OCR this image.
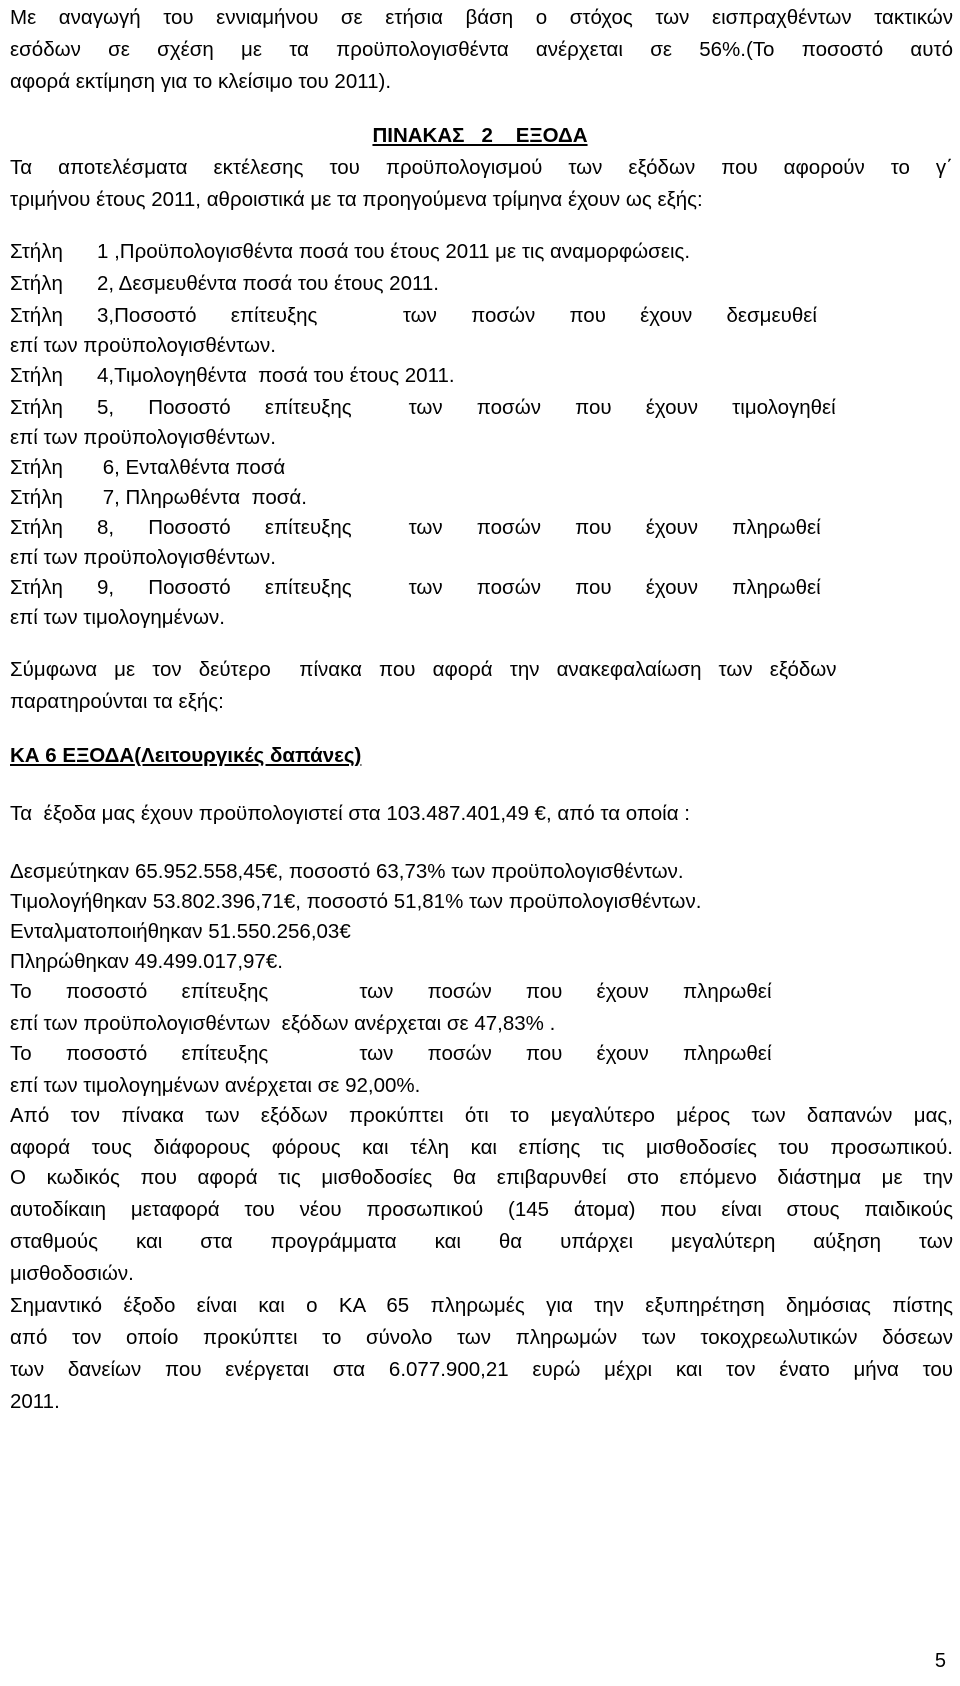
Με αναγωγή του εννιαμήνου σε ετήσια βάση ο στόχος των εισπραχθέντων τακτικών

εσόδων σε σχέση με τα προϋπολογισθέντα ανέρχεται σε 56%.(Το ποσοστό αυτό

αφορά εκτίμηση για το κλείσιμο του 2011).

ΠΙΝΑΚΑΣ   2    ΕΞΟΔΑ

Τα αποτελέσματα εκτέλεσης του προϋπολογισμού των εξόδων που αφορούν το γ΄

τριμήνου έτους 2011, αθροιστικά με τα προηγούμενα τρίμηνα έχουν ως εξής:

Στήλη      1 ,Προϋπολογισθέντα ποσά του έτους 2011 με τις αναμορφώσεις.

Στήλη      2, Δεσμευθέντα ποσά του έτους 2011.

Στήλη      3,Ποσοστό      επίτευξης               των      ποσών      που      έχουν      δεσμευθεί

επί των προϋπολογισθέντων.

Στήλη      4,Τιμολογηθέντα  ποσά του έτους 2011.

Στήλη      5,      Ποσοστό      επίτευξης          των      ποσών      που      έχουν      τιμολογηθεί

επί των προϋπολογισθέντων.

Στήλη       6, Ενταλθέντα ποσά

Στήλη       7, Πληρωθέντα  ποσά.

Στήλη      8,      Ποσοστό      επίτευξης          των      ποσών      που      έχουν      πληρωθεί

επί των προϋπολογισθέντων.

Στήλη      9,      Ποσοστό      επίτευξης          των      ποσών      που      έχουν      πληρωθεί

επί των τιμολογημένων.

Σύμφωνα   με   τον   δεύτερο     πίνακα   που   αφορά   την   ανακεφαλαίωση   των   εξόδων

παρατηρούνται τα εξής:

ΚΑ 6 ΕΞΟΔΑ(Λειτουργικές δαπάνες)

Τα  έξοδα μας έχουν προϋπολογιστεί στα 103.487.401,49 €, από τα οποία :

Δεσμεύτηκαν 65.952.558,45€, ποσοστό 63,73% των προϋπολογισθέντων.

Τιμολογήθηκαν 53.802.396,71€, ποσοστό 51,81% των προϋπολογισθέντων.

Ενταλματοποιήθηκαν 51.550.256,03€

Πληρώθηκαν 49.499.017,97€.

Το      ποσοστό      επίτευξης                των      ποσών      που      έχουν      πληρωθεί

επί των προϋπολογισθέντων  εξόδων ανέρχεται σε 47,83% .

Το      ποσοστό      επίτευξης                των      ποσών      που      έχουν      πληρωθεί

επί των τιμολογημένων ανέρχεται σε 92,00%.

Από τον πίνακα των εξόδων προκύπτει ότι το μεγαλύτερο μέρος των δαπανών μας,

αφορά τους διάφορους φόρους και τέλη και επίσης τις μισθοδοσίες του προσωπικού.

Ο κωδικός που αφορά τις μισθοδοσίες θα επιβαρυνθεί στο επόμενο διάστημα με την

αυτοδίκαιη μεταφορά του νέου προσωπικού (145 άτομα) που είναι στους παιδικούς

σταθμούς και στα προγράμματα και θα υπάρχει μεγαλύτερη αύξηση των

μισθοδοσιών.

Σημαντικό έξοδο είναι και ο ΚΑ 65 πληρωμές για την εξυπηρέτηση δημόσιας πίστης

από τον οποίο προκύπτει το σύνολο των πληρωμών των τοκοχρεωλυτικών δόσεων

των δανείων που ενέργεται στα 6.077.900,21 ευρώ μέχρι και τον ένατο μήνα του

2011.

5
